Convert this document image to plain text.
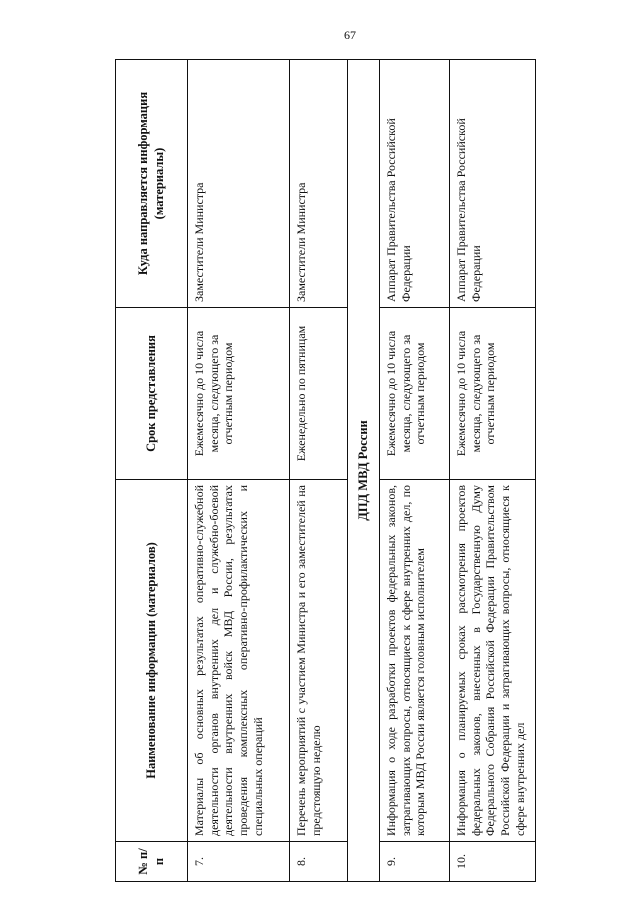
67
№ п/п	Наименование информации (материалов)	Срок представления	Куда направляется информация (материалы)
7.	Материалы об основных результатах оперативно-служебной деятельности органов внутренних дел и служебно-боевой деятельности внутренних войск МВД России, результатах проведения комплексных оперативно-профилактических и специальных операций	Ежемесячно до 10 числа месяца, следующего за отчетным периодом	Заместители Министра
8.	Перечень мероприятий с участием Министра и его заместителей на предстоящую неделю	Еженедельно по пятницам	Заместители Министра
ДПД МВД России			
9.	Информация о ходе разработки проектов федеральных законов, затрагивающих вопросы, относящиеся к сфере внутренних дел, по которым МВД России является головным исполнителем	Ежемесячно до 10 числа месяца, следующего за отчетным периодом	Аппарат Правительства Российской Федерации
10.	Информация о планируемых сроках рассмотрения проектов федеральных законов, внесенных в Государственную Думу Федерального Собрания Российской Федерации Правительством Российской Федерации и затрагивающих вопросы, относящиеся к сфере внутренних дел	Ежемесячно до 10 числа месяца, следующего за отчетным периодом	Аппарат Правительства Российской Федерации
